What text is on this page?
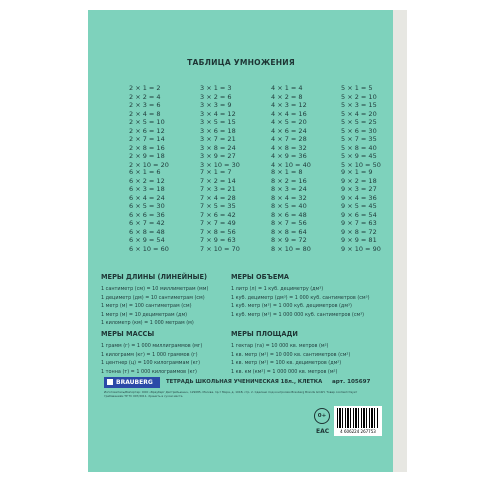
ТАБЛИЦА УМНОЖЕНИЯ
2 × 1 = 2
2 × 2 = 4
2 × 3 = 6
2 × 4 = 8
2 × 5 = 10
2 × 6 = 12
2 × 7 = 14
2 × 8 = 16
2 × 9 = 18
2 × 10 = 20
3 × 1 = 3
3 × 2 = 6
3 × 3 = 9
3 × 4 = 12
3 × 5 = 15
3 × 6 = 18
3 × 7 = 21
3 × 8 = 24
3 × 9 = 27
3 × 10 = 30
4 × 1 = 4
4 × 2 = 8
4 × 3 = 12
4 × 4 = 16
4 × 5 = 20
4 × 6 = 24
4 × 7 = 28
4 × 8 = 32
4 × 9 = 36
4 × 10 = 40
5 × 1 = 5
5 × 2 = 10
5 × 3 = 15
5 × 4 = 20
5 × 5 = 25
5 × 6 = 30
5 × 7 = 35
5 × 8 = 40
5 × 9 = 45
5 × 10 = 50
6 × 1 = 6
6 × 2 = 12
6 × 3 = 18
6 × 4 = 24
6 × 5 = 30
6 × 6 = 36
6 × 7 = 42
6 × 8 = 48
6 × 9 = 54
6 × 10 = 60
7 × 1 = 7
7 × 2 = 14
7 × 3 = 21
7 × 4 = 28
7 × 5 = 35
7 × 6 = 42
7 × 7 = 49
7 × 8 = 56
7 × 9 = 63
7 × 10 = 70
8 × 1 = 8
8 × 2 = 16
8 × 3 = 24
8 × 4 = 32
8 × 5 = 40
8 × 6 = 48
8 × 7 = 56
8 × 8 = 64
8 × 9 = 72
8 × 10 = 80
9 × 1 = 9
9 × 2 = 18
9 × 3 = 27
9 × 4 = 36
9 × 5 = 45
9 × 6 = 54
9 × 7 = 63
9 × 8 = 72
9 × 9 = 81
9 × 10 = 90
МЕРЫ ДЛИНЫ (ЛИНЕЙНЫЕ)
1 сантиметр (см) = 10 миллиметрам (мм)
1 дециметр (дм) = 10 сантиметрам (см)
1 метр (м) = 100 сантиметрам (см)
1 метр (м) = 10 дециметрам (дм)
1 километр (км) = 1 000 метрам (м)
МЕРЫ ОБЪЕМА
1 литр (л) = 1 куб. дециметру (дм³)
1 куб. дециметр (дм³) = 1 000 куб. сантиметров (см³)
1 куб. метр (м³) = 1 000 куб. дециметров (дм³)
1 куб. метр (м³) = 1 000 000 куб. сантиметров (см³)
МЕРЫ МАССЫ
1 грамм (г) = 1 000 миллиграммов (мг)
1 килограмм (кг) = 1 000 граммов (г)
1 центнер (ц) = 100 килограммам (кг)
1 тонна (т) = 1 000 килограммов (кг)
МЕРЫ ПЛОЩАДИ
1 гектар (га) = 10 000 кв. метров (м²)
1 кв. метр (м²) = 10 000 кв. сантиметров (см²)
1 кв. метр (м²) = 100 кв. дециметров (дм²)
1 кв. км (км²) = 1 000 000 кв. метров (м²)
BRAUBERG	ТЕТРАДЬ ШКОЛЬНАЯ УЧЕНИЧЕСКАЯ 18л., КЛЕТКА арт. 105697
Изготовитель/Импортер: ООО «Брауберг Дистрибьюшн», 129085, Москва, пр-т Мира, д. 101В, стр. 2. Сделано под контролем Brauberg Brands GmbH. Товар соответствует требованиям ТР ТС 007/2011. Хранить в сухом месте.
0+
EAC	4 606224 267753
